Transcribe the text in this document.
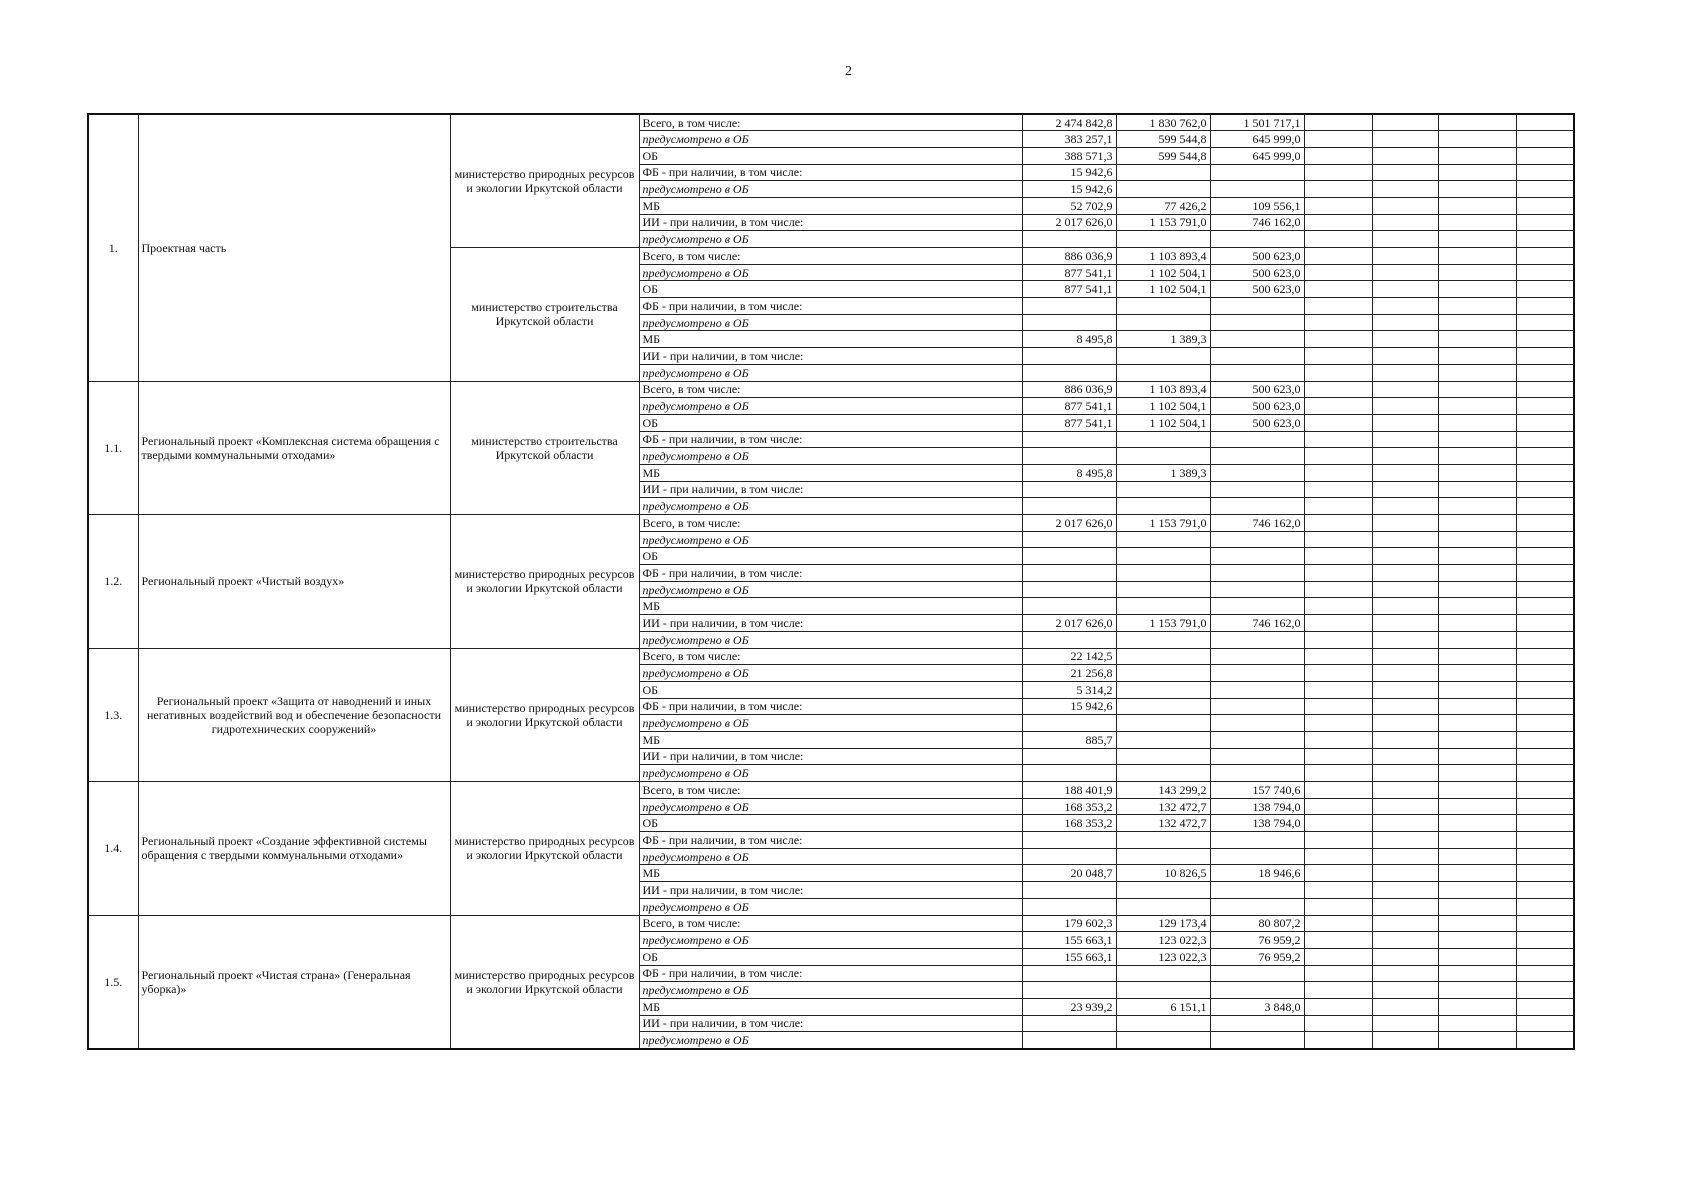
2
1.	Проектная часть	министерство природных ресурсов и экологии Иркутской области	Всего, в том числе:	2 474 842,8	1 830 762,0	1 501 717,1				
			предусмотрено в ОБ	383 257,1	599 544,8	645 999,0				
			ОБ	388 571,3	599 544,8	645 999,0				
			ФБ - при наличии, в том числе:	15 942,6						
			предусмотрено в ОБ	15 942,6						
			МБ	52 702,9	77 426,2	109 556,1				
			ИИ - при наличии, в том числе:	2 017 626,0	1 153 791,0	746 162,0				
			предусмотрено в ОБ							
		министерство строительства Иркутской области	Всего, в том числе:	886 036,9	1 103 893,4	500 623,0				
			предусмотрено в ОБ	877 541,1	1 102 504,1	500 623,0				
			ОБ	877 541,1	1 102 504,1	500 623,0				
			ФБ - при наличии, в том числе:							
			предусмотрено в ОБ							
			МБ	8 495,8	1 389,3					
			ИИ - при наличии, в том числе:							
			предусмотрено в ОБ							
1.1.	Региональный проект «Комплексная система обращения с твердыми коммунальными отходами»	министерство строительства Иркутской области	Всего, в том числе:	886 036,9	1 103 893,4	500 623,0				
			предусмотрено в ОБ	877 541,1	1 102 504,1	500 623,0				
			ОБ	877 541,1	1 102 504,1	500 623,0				
			ФБ - при наличии, в том числе:							
			предусмотрено в ОБ							
			МБ	8 495,8	1 389,3					
			ИИ - при наличии, в том числе:							
			предусмотрено в ОБ							
1.2.	Региональный проект «Чистый воздух»	министерство природных ресурсов и экологии Иркутской области	Всего, в том числе:	2 017 626,0	1 153 791,0	746 162,0				
			предусмотрено в ОБ							
			ОБ							
			ФБ - при наличии, в том числе:							
			предусмотрено в ОБ							
			МБ							
			ИИ - при наличии, в том числе:	2 017 626,0	1 153 791,0	746 162,0				
			предусмотрено в ОБ							
1.3.	Региональный проект «Защита от наводнений и иных негативных воздействий вод и обеспечение безопасности гидротехнических сооружений»	министерство природных ресурсов и экологии Иркутской области	Всего, в том числе:	22 142,5						
			предусмотрено в ОБ	21 256,8						
			ОБ	5 314,2						
			ФБ - при наличии, в том числе:	15 942,6						
			предусмотрено в ОБ							
			МБ	885,7						
			ИИ - при наличии, в том числе:							
			предусмотрено в ОБ							
1.4.	Региональный проект «Создание эффективной системы обращения с твердыми коммунальными отходами»	министерство природных ресурсов и экологии Иркутской области	Всего, в том числе:	188 401,9	143 299,2	157 740,6				
			предусмотрено в ОБ	168 353,2	132 472,7	138 794,0				
			ОБ	168 353,2	132 472,7	138 794,0				
			ФБ - при наличии, в том числе:							
			предусмотрено в ОБ							
			МБ	20 048,7	10 826,5	18 946,6				
			ИИ - при наличии, в том числе:							
			предусмотрено в ОБ							
1.5.	Региональный проект «Чистая страна» (Генеральная уборка)»	министерство природных ресурсов и экологии Иркутской области	Всего, в том числе:	179 602,3	129 173,4	80 807,2				
			предусмотрено в ОБ	155 663,1	123 022,3	76 959,2				
			ОБ	155 663,1	123 022,3	76 959,2				
			ФБ - при наличии, в том числе:							
			предусмотрено в ОБ							
			МБ	23 939,2	6 151,1	3 848,0				
			ИИ - при наличии, в том числе:							
			предусмотрено в ОБ							
